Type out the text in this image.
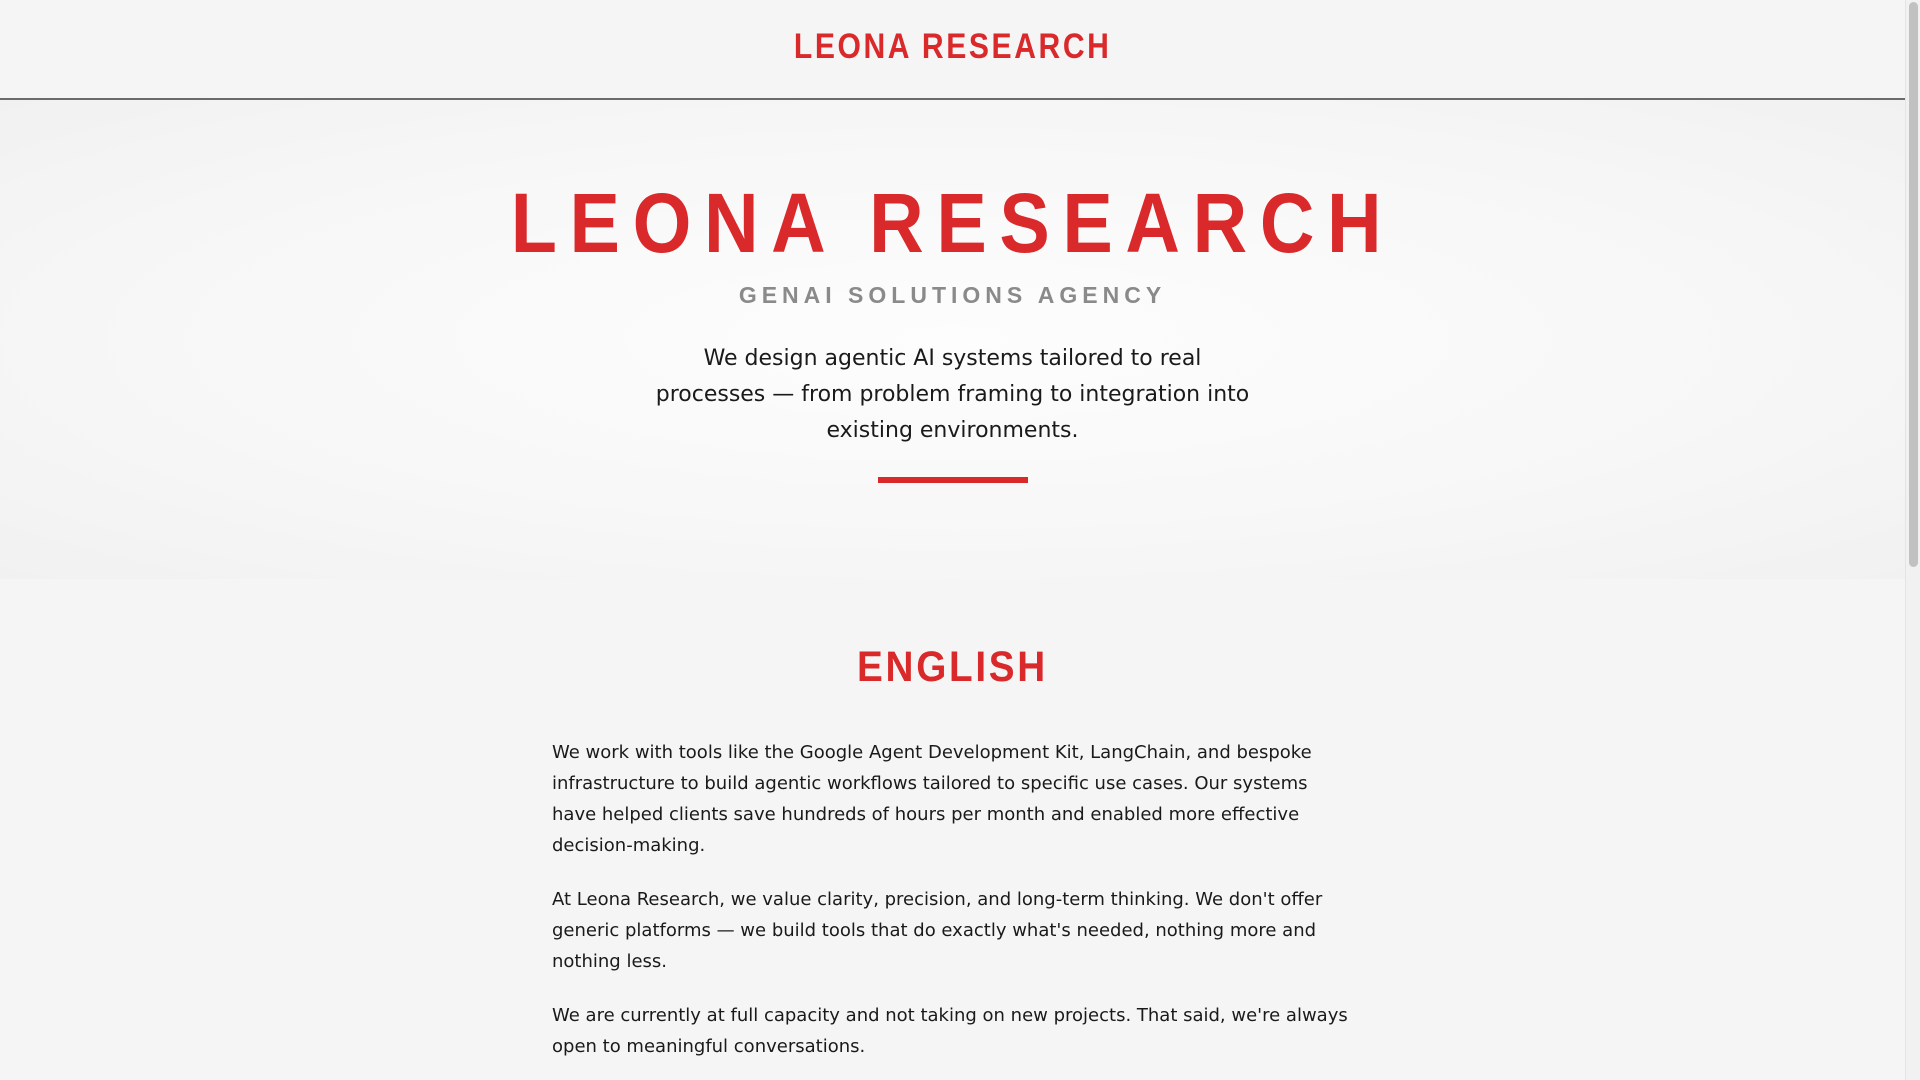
LEONA RESEARCH
LEONA RESEARCH
GENAI SOLUTIONS AGENCY

We design agentic AI systems tailored to real
processes — from problem framing to integration into
existing environments.

ENGLISH

We work with tools like the Google Agent Development Kit, LangChain, and bespoke infrastructure to build agentic workflows tailored to specific use cases. Our systems have helped clients save hundreds of hours per month and enabled more effective decision-making.

At Leona Research, we value clarity, precision, and long-term thinking. We don't offer generic platforms — we build tools that do exactly what's needed, nothing more and nothing less.

We are currently at full capacity and not taking on new projects. That said, we're always open to meaningful conversations.
